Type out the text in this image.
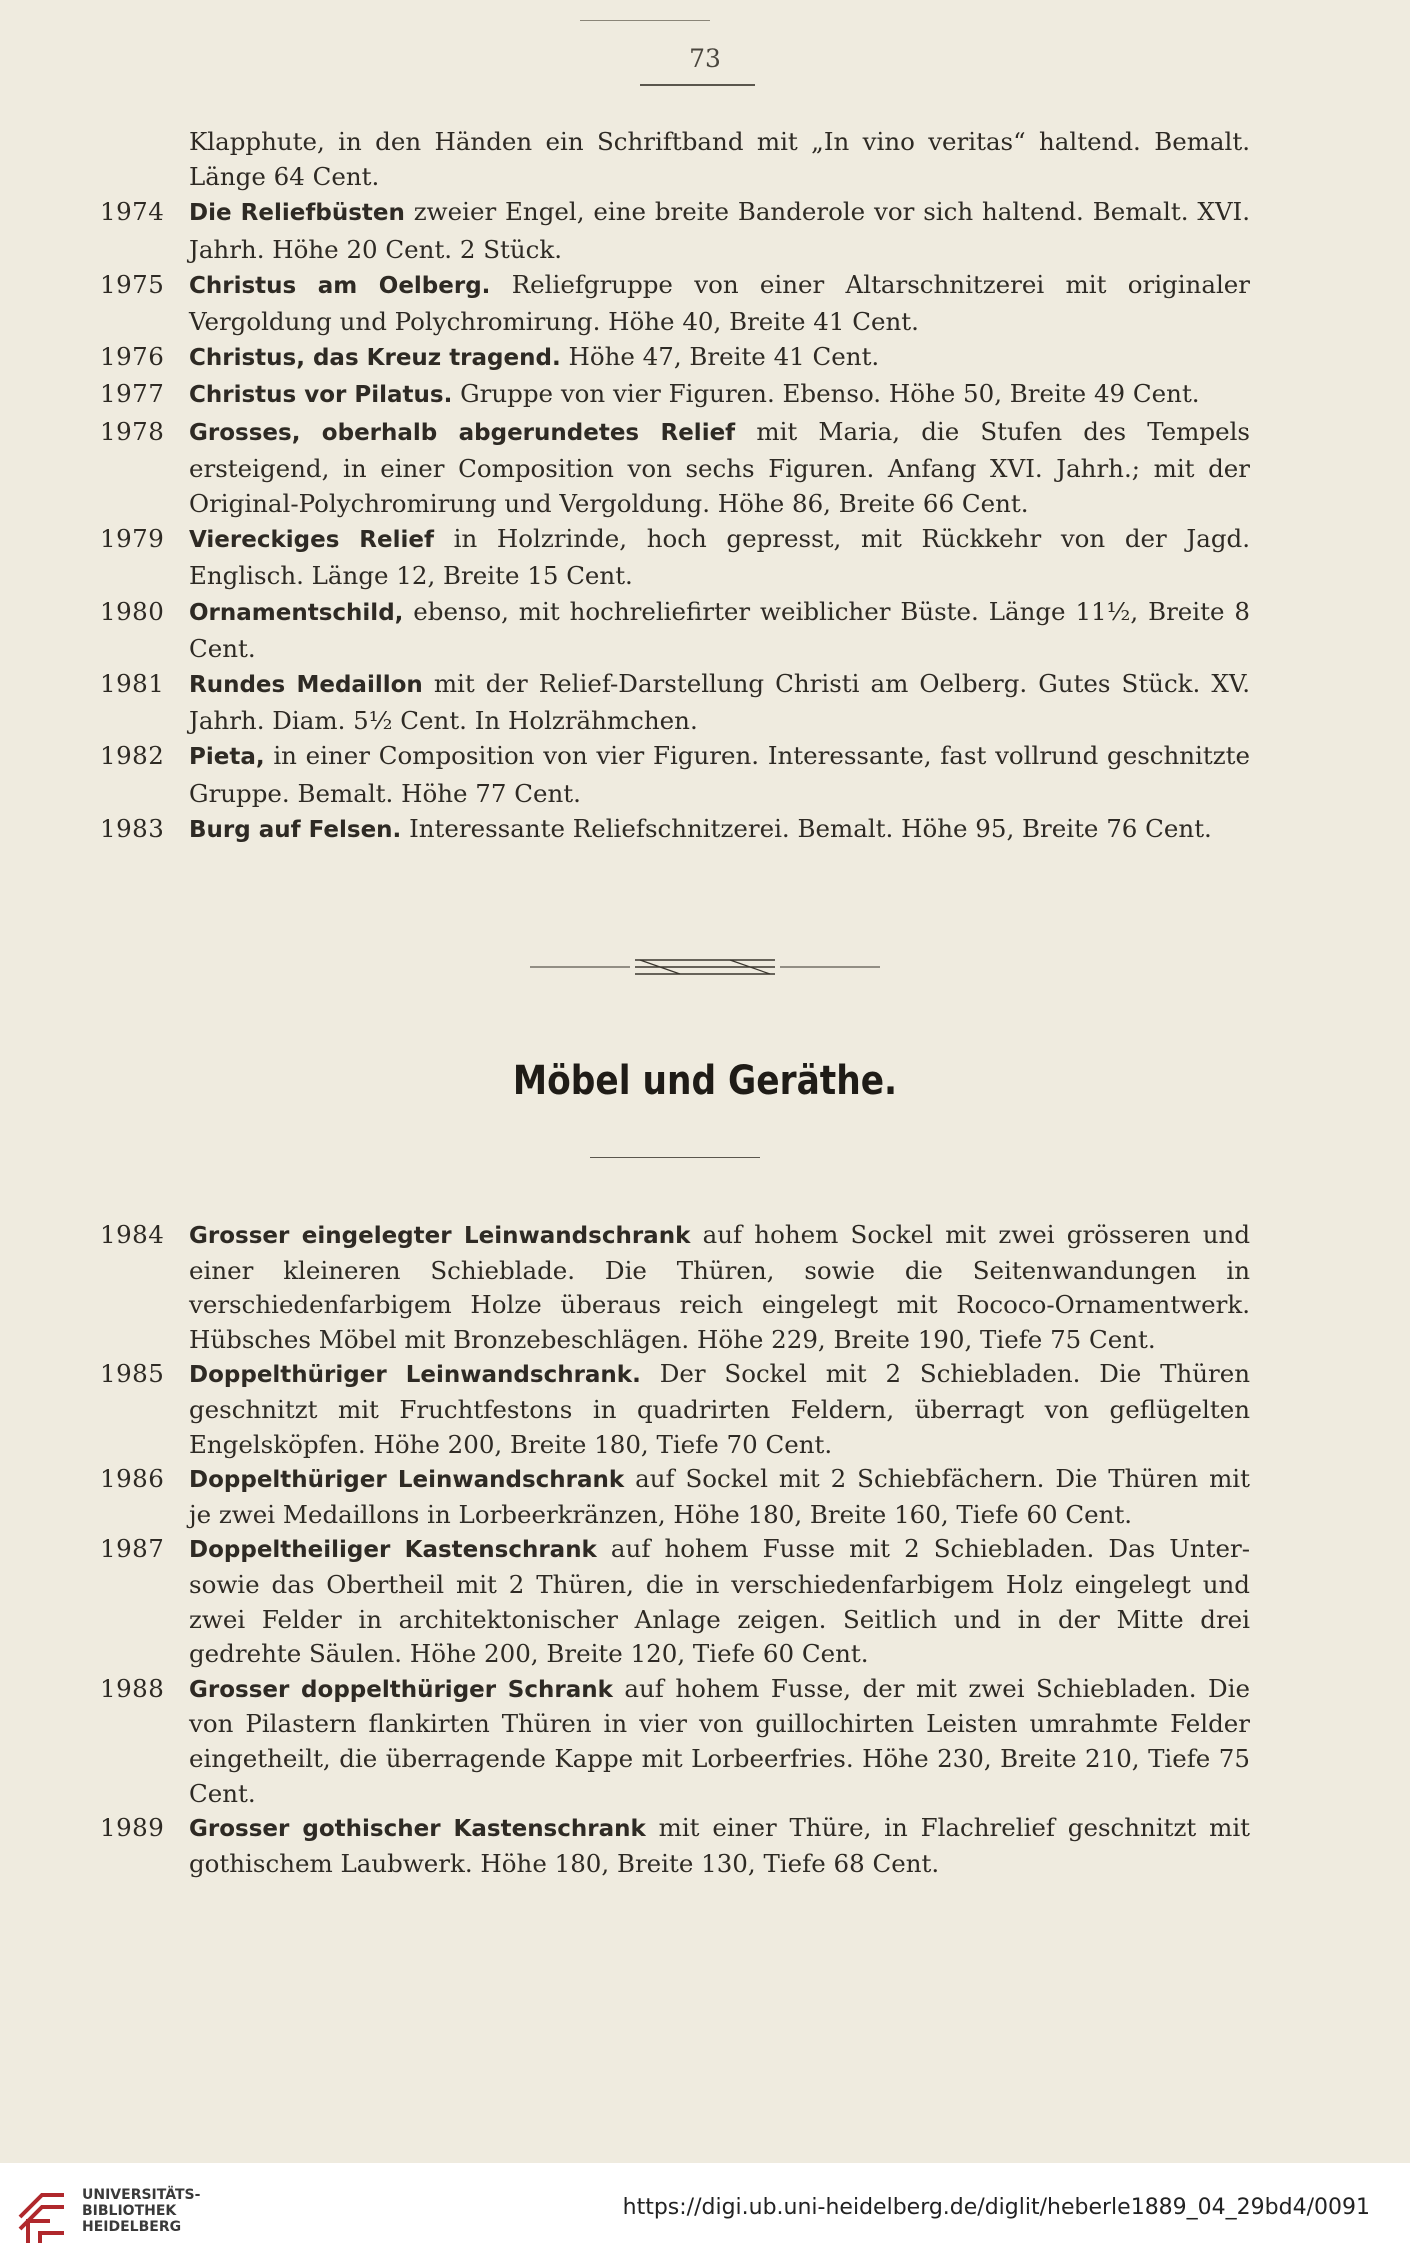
73
Klapphute, in den Händen ein Schriftband mit „In vino veritas“ haltend. Bemalt. Länge 64 Cent.
1974	Die Reliefbüsten zweier Engel, eine breite Banderole vor sich haltend. Bemalt. XVI. Jahrh. Höhe 20 Cent. 2 Stück.
1975	Christus am Oelberg. Reliefgruppe von einer Altarschnitzerei mit originaler Vergoldung und Polychromirung. Höhe 40, Breite 41 Cent.
1976	Christus, das Kreuz tragend. Höhe 47, Breite 41 Cent.
1977	Christus vor Pilatus. Gruppe von vier Figuren. Ebenso. Höhe 50, Breite 49 Cent.
1978	Grosses, oberhalb abgerundetes Relief mit Maria, die Stufen des Tempels ersteigend, in einer Composition von sechs Figuren. Anfang XVI. Jahrh.; mit der Original-Polychromirung und Vergoldung. Höhe 86, Breite 66 Cent.
1979	Viereckiges Relief in Holzrinde, hoch gepresst, mit Rückkehr von der Jagd. Englisch. Länge 12, Breite 15 Cent.
1980	Ornamentschild, ebenso, mit hochreliefirter weiblicher Büste. Länge 11½, Breite 8 Cent.
1981	Rundes Medaillon mit der Relief-Darstellung Christi am Oelberg. Gutes Stück. XV. Jahrh. Diam. 5½ Cent. In Holzrähmchen.
1982	Pieta, in einer Composition von vier Figuren. Interessante, fast vollrund geschnitzte Gruppe. Bemalt. Höhe 77 Cent.
1983	Burg auf Felsen. Interessante Reliefschnitzerei. Bemalt. Höhe 95, Breite 76 Cent.
Möbel und Geräthe.
1984	Grosser eingelegter Leinwandschrank auf hohem Sockel mit zwei grösseren und einer kleineren Schieblade. Die Thüren, sowie die Seitenwandungen in verschiedenfarbigem Holze überaus reich eingelegt mit Rococo-Ornamentwerk. Hübsches Möbel mit Bronzebeschlägen. Höhe 229, Breite 190, Tiefe 75 Cent.
1985	Doppelthüriger Leinwandschrank. Der Sockel mit 2 Schiebladen. Die Thüren geschnitzt mit Fruchtfestons in quadrirten Feldern, überragt von geflügelten Engelsköpfen. Höhe 200, Breite 180, Tiefe 70 Cent.
1986	Doppelthüriger Leinwandschrank auf Sockel mit 2 Schiebfächern. Die Thüren mit je zwei Medaillons in Lorbeerkränzen, Höhe 180, Breite 160, Tiefe 60 Cent.
1987	Doppeltheiliger Kastenschrank auf hohem Fusse mit 2 Schiebladen. Das Unter- sowie das Obertheil mit 2 Thüren, die in verschiedenfarbigem Holz eingelegt und zwei Felder in architektonischer Anlage zeigen. Seitlich und in der Mitte drei gedrehte Säulen. Höhe 200, Breite 120, Tiefe 60 Cent.
1988	Grosser doppelthüriger Schrank auf hohem Fusse, der mit zwei Schiebladen. Die von Pilastern flankirten Thüren in vier von guillochirten Leisten umrahmte Felder eingetheilt, die überragende Kappe mit Lorbeerfries. Höhe 230, Breite 210, Tiefe 75 Cent.
1989	Grosser gothischer Kastenschrank mit einer Thüre, in Flachrelief geschnitzt mit gothischem Laubwerk. Höhe 180, Breite 130, Tiefe 68 Cent.
UNIVERSITÄTS-
BIBLIOTHEK
HEIDELBERG
https://digi.ub.uni-heidelberg.de/diglit/heberle1889_04_29bd4/0091
